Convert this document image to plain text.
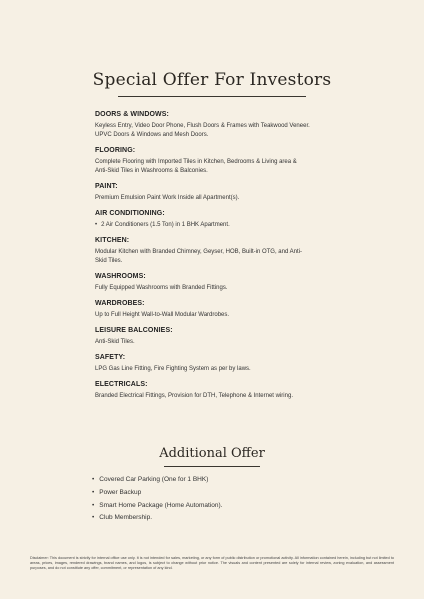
Special Offer For Investors
DOORS & WINDOWS:
Keyless Entry, Video Door Phone, Flush Doors & Frames with Teakwood Veneer.
UPVC Doors & Windows and Mesh Doors.
FLOORING:
Complete Flooring with Imported Tiles in Kitchen, Bedrooms & Living area &
Anti-Skid Tiles in Washrooms & Balconies.
PAINT:
Premium Emulsion Paint Work Inside all Apartment(s).
AIR CONDITIONING:
• 2 Air Conditioners (1.5 Ton) in 1 BHK Apartment.
KITCHEN:
Modular Kitchen with Branded Chimney, Geyser, HOB, Built-in OTG, and Anti-
Skid Tiles.
WASHROOMS:
Fully Equipped Washrooms with Branded Fittings.
WARDROBES:
Up to Full Height Wall-to-Wall Modular Wardrobes.
LEISURE BALCONIES:
Anti-Skid Tiles.
SAFETY:
LPG Gas Line Fitting, Fire Fighting System as per by laws.
ELECTRICALS:
Branded Electrical Fittings, Provision for DTH, Telephone & Internet wiring.
Additional Offer
• Covered Car Parking (One for 1 BHK)
• Power Backup
• Smart Home Package (Home Automation).
• Club Membership.
Disclaimer: This document is strictly for internal office use only. It is not intended for sales, marketing, or any form of public distribution or promotional activity. All information contained herein, including but not limited to areas, prices, images, rendered drawings, brand names, and logos, is subject to change without prior notice. The visuals and content presented are solely for internal review, zoning evaluation, and assessment purposes, and do not constitute any offer, commitment, or representation of any kind.
